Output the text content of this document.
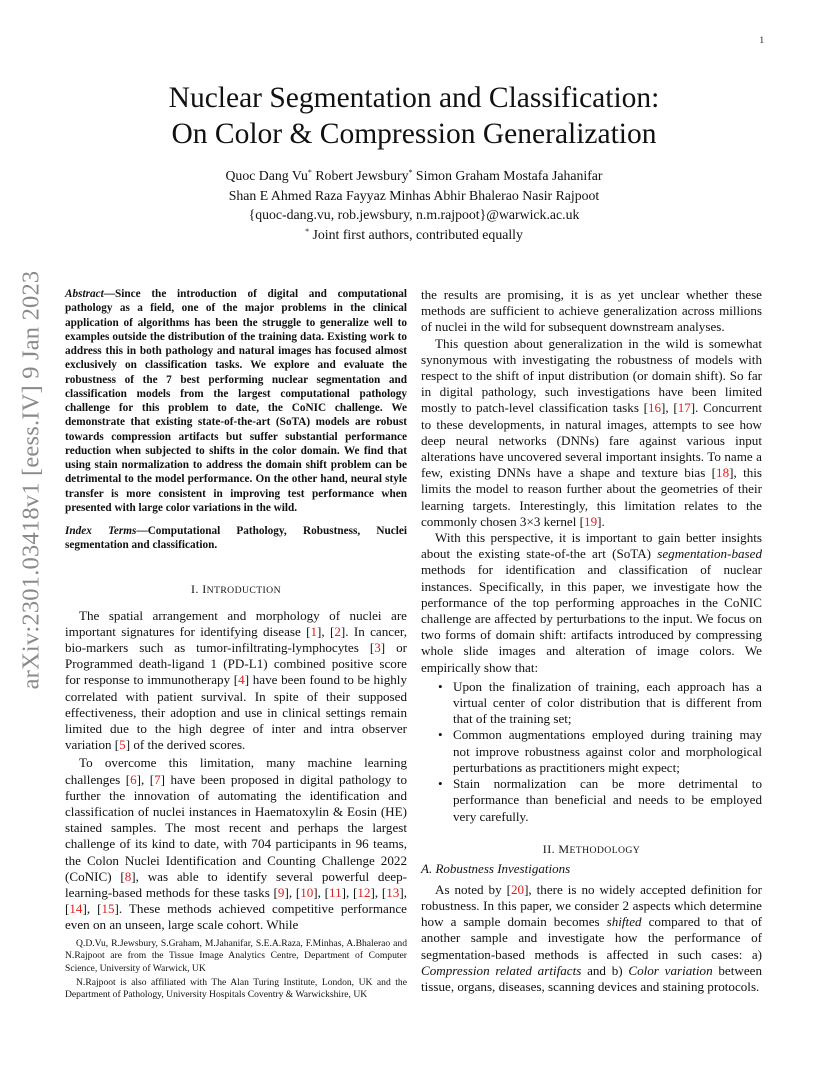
1
arXiv:2301.03418v1 [eess.IV] 9 Jan 2023
Nuclear Segmentation and Classification:
On Color & Compression Generalization
Quoc Dang Vu* Robert Jewsbury* Simon Graham Mostafa Jahanifar
Shan E Ahmed Raza Fayyaz Minhas Abhir Bhalerao Nasir Rajpoot
{quoc-dang.vu, rob.jewsbury, n.m.rajpoot}@warwick.ac.uk
* Joint first authors, contributed equally

Abstract—Since the introduction of digital and computational pathology as a field, one of the major problems in the clinical application of algorithms has been the struggle to generalize well to examples outside the distribution of the training data. Existing work to address this in both pathology and natural images has focused almost exclusively on classification tasks. We explore and evaluate the robustness of the 7 best performing nuclear segmentation and classification models from the largest computational pathology challenge for this problem to date, the CoNIC challenge. We demonstrate that existing state-of-the-art (SoTA) models are robust towards compression artifacts but suffer substantial performance reduction when subjected to shifts in the color domain. We find that using stain normalization to address the domain shift problem can be detrimental to the model performance. On the other hand, neural style transfer is more consistent in improving test performance when presented with large color variations in the wild.

Index Terms—Computational Pathology, Robustness, Nuclei segmentation and classification.

I. INTRODUCTION

The spatial arrangement and morphology of nuclei are important signatures for identifying disease [1], [2]. In cancer, bio-markers such as tumor-infiltrating-lymphocytes [3] or Programmed death-ligand 1 (PD-L1) combined positive score for response to immunotherapy [4] have been found to be highly correlated with patient survival. In spite of their supposed effectiveness, their adoption and use in clinical settings remain limited due to the high degree of inter and intra observer variation [5] of the derived scores.

To overcome this limitation, many machine learning challenges [6], [7] have been proposed in digital pathology to further the innovation of automating the identification and classification of nuclei instances in Haematoxylin & Eosin (HE) stained samples. The most recent and perhaps the largest challenge of its kind to date, with 704 participants in 96 teams, the Colon Nuclei Identification and Counting Challenge 2022 (CoNIC) [8], was able to identify several powerful deep-learning-based methods for these tasks [9], [10], [11], [12], [13], [14], [15]. These methods achieved competitive performance even on an unseen, large scale cohort. While

Q.D.Vu, R.Jewsbury, S.Graham, M.Jahanifar, S.E.A.Raza, F.Minhas, A.Bhalerao and N.Rajpoot are from the Tissue Image Analytics Centre, Department of Computer Science, University of Warwick, UK

N.Rajpoot is also affiliated with The Alan Turing Institute, London, UK and the Department of Pathology, University Hospitals Coventry & Warwickshire, UK

the results are promising, it is as yet unclear whether these methods are sufficient to achieve generalization across millions of nuclei in the wild for subsequent downstream analyses.

This question about generalization in the wild is somewhat synonymous with investigating the robustness of models with respect to the shift of input distribution (or domain shift). So far in digital pathology, such investigations have been limited mostly to patch-level classification tasks [16], [17]. Concurrent to these developments, in natural images, attempts to see how deep neural networks (DNNs) fare against various input alterations have uncovered several important insights. To name a few, existing DNNs have a shape and texture bias [18], this limits the model to reason further about the geometries of their learning targets. Interestingly, this limitation relates to the commonly chosen 3×3 kernel [19].

With this perspective, it is important to gain better insights about the existing state-of-the art (SoTA) segmentation-based methods for identification and classification of nuclear instances. Specifically, in this paper, we investigate how the performance of the top performing approaches in the CoNIC challenge are affected by perturbations to the input. We focus on two forms of domain shift: artifacts introduced by compressing whole slide images and alteration of image colors. We empirically show that:

• Upon the finalization of training, each approach has a virtual center of color distribution that is different from that of the training set;
• Common augmentations employed during training may not improve robustness against color and morphological perturbations as practitioners might expect;
• Stain normalization can be more detrimental to performance than beneficial and needs to be employed very carefully.

II. METHODOLOGY

A. Robustness Investigations

As noted by [20], there is no widely accepted definition for robustness. In this paper, we consider 2 aspects which determine how a sample domain becomes shifted compared to that of another sample and investigate how the performance of segmentation-based methods is affected in such cases: a) Compression related artifacts and b) Color variation between tissue, organs, diseases, scanning devices and staining protocols.
